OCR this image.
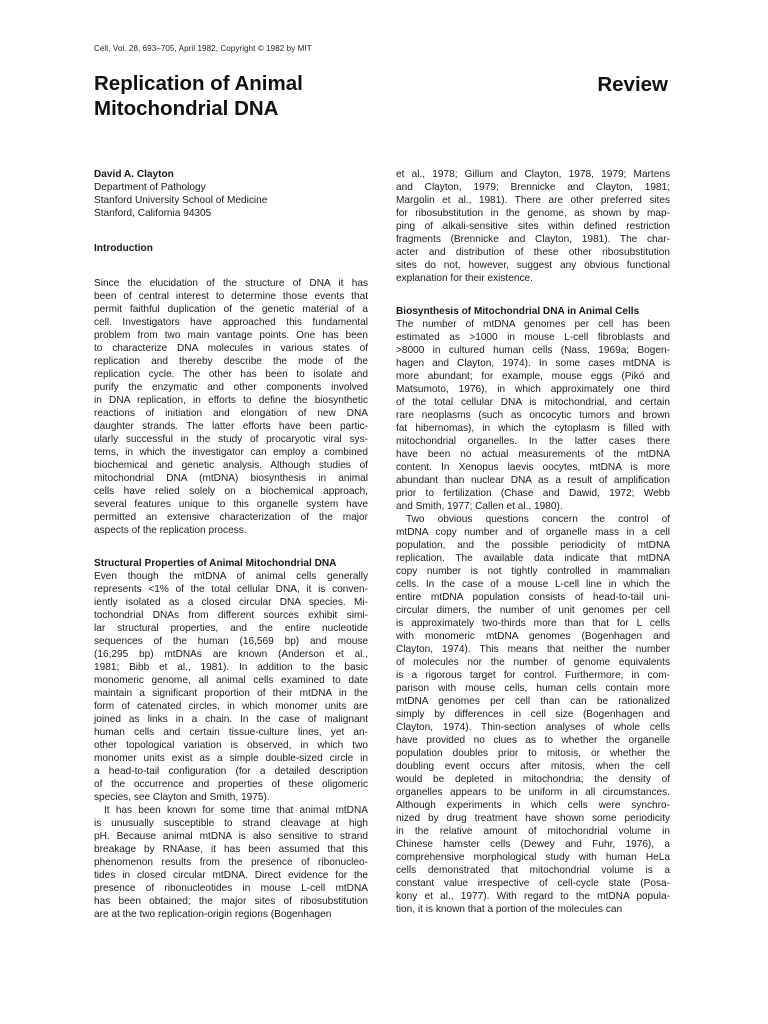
Cell, Vol. 28, 693–705, April 1982, Copyright © 1982 by MIT
Replication of Animal
Mitochondrial DNA
Review
David A. Clayton
Department of Pathology
Stanford University School of Medicine
Stanford, California 94305
Introduction
Since the elucidation of the structure of DNA it has
been of central interest to determine those events that
permit faithful duplication of the genetic material of a
cell. Investigators have approached this fundamental
problem from two main vantage points. One has been
to characterize DNA molecules in various states of
replication and thereby describe the mode of the
replication cycle. The other has been to isolate and
purify the enzymatic and other components involved
in DNA replication, in efforts to define the biosynthetic
reactions of initiation and elongation of new DNA
daughter strands. The latter efforts have been partic-
ularly successful in the study of procaryotic viral sys-
tems, in which the investigator can employ a combined
biochemical and genetic analysis. Although studies of
mitochondrial DNA (mtDNA) biosynthesis in animal
cells have relied solely on a biochemical approach,
several features unique to this organelle system have
permitted an extensive characterization of the major
aspects of the replication process.
Structural Properties of Animal Mitochondrial DNA
Even though the mtDNA of animal cells generally
represents <1% of the total cellular DNA, it is conven-
iently isolated as a closed circular DNA species. Mi-
tochondrial DNAs from different sources exhibit simi-
lar structural properties, and the entire nucleotide
sequences of the human (16,569 bp) and mouse
(16,295 bp) mtDNAs are known (Anderson et al.,
1981; Bibb et al., 1981). In addition to the basic
monomeric genome, all animal cells examined to date
maintain a significant proportion of their mtDNA in the
form of catenated circles, in which monomer units are
joined as links in a chain. In the case of malignant
human cells and certain tissue-culture lines, yet an-
other topological variation is observed, in which two
monomer units exist as a simple double-sized circle in
a head-to-tail configuration (for a detailed description
of the occurrence and properties of these oligomeric
species, see Clayton and Smith, 1975).
It has been known for some time that animal mtDNA
is unusually susceptible to strand cleavage at high
pH. Because animal mtDNA is also sensitive to strand
breakage by RNAase, it has been assumed that this
phenomenon results from the presence of ribonucleo-
tides in closed circular mtDNA. Direct evidence for the
presence of ribonucleotides in mouse L-cell mtDNA
has been obtained; the major sites of ribosubstitution
are at the two replication-origin regions (Bogenhagen
et al., 1978; Gillum and Clayton, 1978, 1979; Martens
and Clayton, 1979; Brennicke and Clayton, 1981;
Margolin et al., 1981). There are other preferred sites
for ribosubstitution in the genome, as shown by map-
ping of alkali-sensitive sites within defined restriction
fragments (Brennicke and Clayton, 1981). The char-
acter and distribution of these other ribosubstitution
sites do not, however, suggest any obvious functional
explanation for their existence.
Biosynthesis of Mitochondrial DNA in Animal Cells
The number of mtDNA genomes per cell has been
estimated as >1000 in mouse L-cell fibroblasts and
>8000 in cultured human cells (Nass, 1969a; Bogen-
hagen and Clayton, 1974). In some cases mtDNA is
more abundant; for example, mouse eggs (Pikó and
Matsumoto, 1976), in which approximately one third
of the total cellular DNA is mitochondrial, and certain
rare neoplasms (such as oncocytic tumors and brown
fat hibernomas), in which the cytoplasm is filled with
mitochondrial organelles. In the latter cases there
have been no actual measurements of the mtDNA
content. In Xenopus laevis oocytes, mtDNA is more
abundant than nuclear DNA as a result of amplification
prior to fertilization (Chase and Dawid, 1972; Webb
and Smith, 1977; Callen et al., 1980).
Two obvious questions concern the control of
mtDNA copy number and of organelle mass in a cell
population, and the possible periodicity of mtDNA
replication. The available data indicate that mtDNA
copy number is not tightly controlled in mammalian
cells. In the case of a mouse L-cell line in which the
entire mtDNA population consists of head-to-tail uni-
circular dimers, the number of unit genomes per cell
is approximately two-thirds more than that for L cells
with monomeric mtDNA genomes (Bogenhagen and
Clayton, 1974). This means that neither the number
of molecules nor the number of genome equivalents
is a rigorous target for control. Furthermore, in com-
parison with mouse cells, human cells contain more
mtDNA genomes per cell than can be rationalized
simply by differences in cell size (Bogenhagen and
Clayton, 1974). Thin-section analyses of whole cells
have provided no clues as to whether the organelle
population doubles prior to mitosis, or whether the
doubling event occurs after mitosis, when the cell
would be depleted in mitochondria; the density of
organelles appears to be uniform in all circumstances.
Although experiments in which cells were synchro-
nized by drug treatment have shown some periodicity
in the relative amount of mitochondrial volume in
Chinese hamster cells (Dewey and Fuhr, 1976), a
comprehensive morphological study with human HeLa
cells demonstrated that mitochondrial volume is a
constant value irrespective of cell-cycle state (Posa-
kony et al., 1977). With regard to the mtDNA popula-
tion, it is known that a portion of the molecules can
